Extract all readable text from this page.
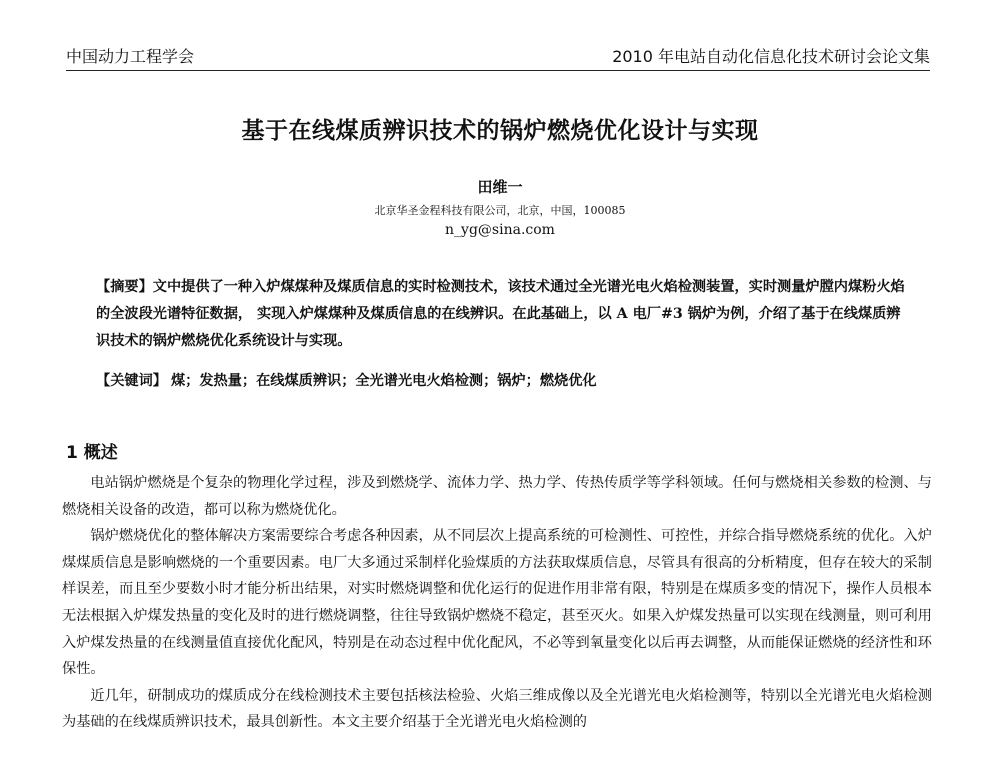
中国动力工程学会	2010 年电站自动化信息化技术研讨会论文集
基于在线煤质辨识技术的锅炉燃烧优化设计与实现
田维一
北京华圣金程科技有限公司，北京，中国，100085
n_yg@sina.com
【摘要】文中提供了一种入炉煤煤种及煤质信息的实时检测技术，该技术通过全光谱光电火焰检测装置，实时测量炉膛内煤粉火焰的全波段光谱特征数据， 实现入炉煤煤种及煤质信息的在线辨识。在此基础上，以 A 电厂#3 锅炉为例，介绍了基于在线煤质辨识技术的锅炉燃烧优化系统设计与实现。
【关键词】 煤；发热量；在线煤质辨识；全光谱光电火焰检测；锅炉；燃烧优化
1 概述

电站锅炉燃烧是个复杂的物理化学过程，涉及到燃烧学、流体力学、热力学、传热传质学等学科领域。任何与燃烧相关参数的检测、与燃烧相关设备的改造，都可以称为燃烧优化。

锅炉燃烧优化的整体解决方案需要综合考虑各种因素，从不同层次上提高系统的可检测性、可控性，并综合指导燃烧系统的优化。入炉煤煤质信息是影响燃烧的一个重要因素。电厂大多通过采制样化验煤质的方法获取煤质信息，尽管具有很高的分析精度，但存在较大的采制样误差，而且至少要数小时才能分析出结果，对实时燃烧调整和优化运行的促进作用非常有限，特别是在煤质多变的情况下，操作人员根本无法根据入炉煤发热量的变化及时的进行燃烧调整，往往导致锅炉燃烧不稳定，甚至灭火。如果入炉煤发热量可以实现在线测量，则可利用入炉煤发热量的在线测量值直接优化配风，特别是在动态过程中优化配风，不必等到氧量变化以后再去调整，从而能保证燃烧的经济性和环保性。

近几年，研制成功的煤质成分在线检测技术主要包括核法检验、火焰三维成像以及全光谱光电火焰检测等，特别以全光谱光电火焰检测为基础的在线煤质辨识技术，最具创新性。本文主要介绍基于全光谱光电火焰检测的
